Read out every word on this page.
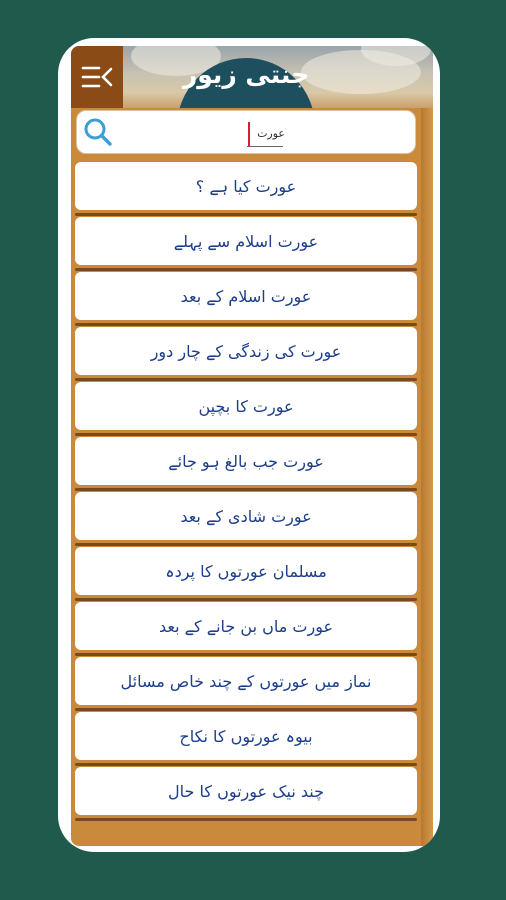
جنتی زیور
عورت
عورت کیا ہے ؟
عورت اسلام سے پہلے
عورت اسلام کے بعد
عورت کی زندگی کے چار دور
عورت کا بچپن
عورت جب بالغ ہو جائے
عورت شادی کے بعد
مسلمان عورتوں کا پردہ
عورت ماں بن جانے کے بعد
نماز میں عورتوں کے چند خاص مسائل
بیوہ عورتوں کا نکاح
چند نیک عورتوں کا حال
